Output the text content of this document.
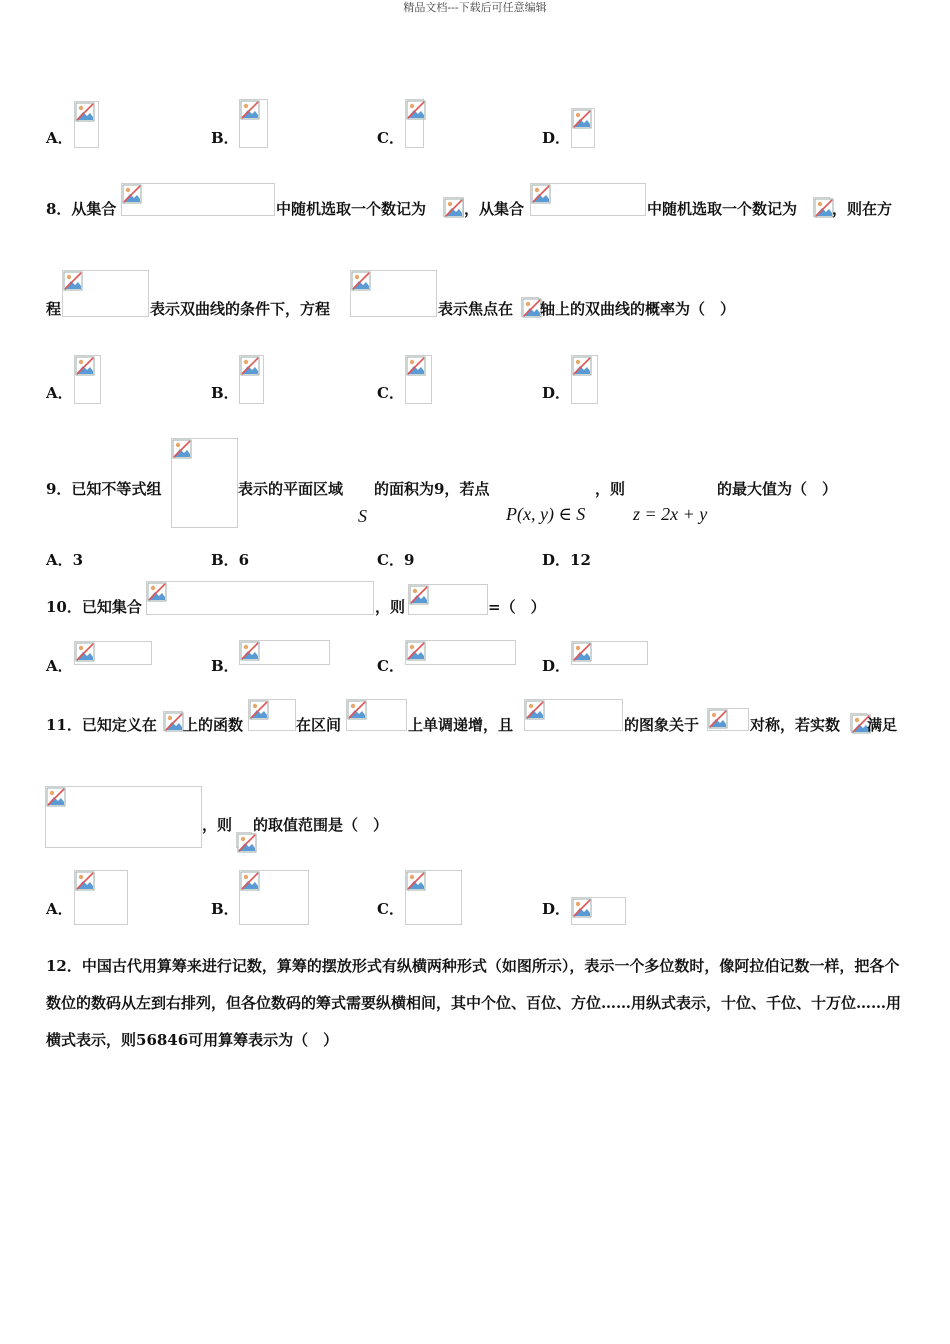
精品文档---下载后可任意编辑
A．	B．	C．	D．
8．从集合	中随机选取一个数记为	，从集合	中随机选取一个数记为 ，则在方
程	表示双曲线的条件下，方程	表示焦点在 轴上的双曲线的概率为（　）
A．	B．	C．	D．
9．已知不等式组	表示的平面区域 的面积为9，若点	，则	的最大值为（　）
S	P(x, y) ∈ S	z = 2x + y
A．3	B．6	C．9	D．12
10．已知集合	，则	=（　）
A．	B．	C．	D．
11．已知定义在 上的函数	在区间	上单调递增，且	的图象关于	对称，若实数 满足
，则 的取值范围是（　）
A．	B．	C．	D．
12．中国古代用算筹来进行记数，算筹的摆放形式有纵横两种形式（如图所示），表示一个多位数时，像阿拉伯记数一样，把各个数位的数码从左到右排列，但各位数码的筹式需要纵横相间，其中个位、百位、方位……用纵式表示，十位、千位、十万位……用横式表示，则56846可用算筹表示为（　）
